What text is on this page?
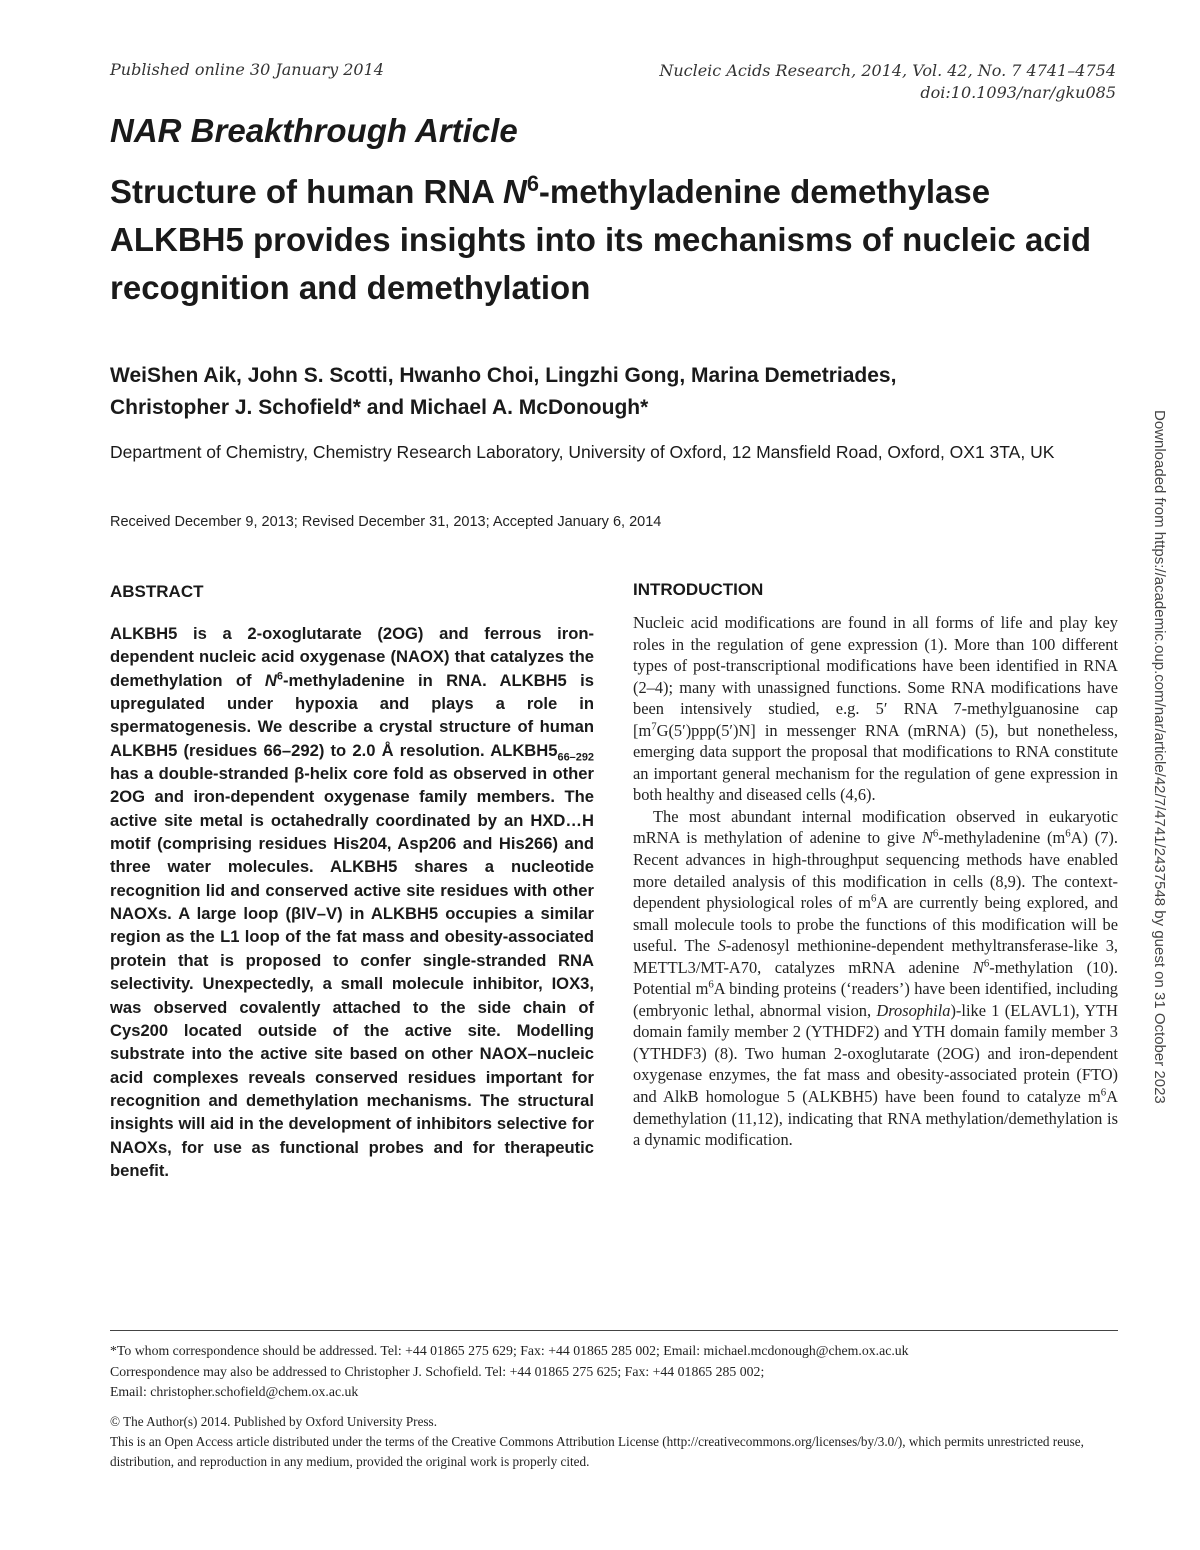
Published online 30 January 2014	Nucleic Acids Research, 2014, Vol. 42, No. 7 4741–4754
doi:10.1093/nar/gku085
NAR Breakthrough Article
Structure of human RNA $N^6$-methyladenine demethylase ALKBH5 provides insights into its mechanisms of nucleic acid recognition and demethylation
WeiShen Aik, John S. Scotti, Hwanho Choi, Lingzhi Gong, Marina Demetriades,
Christopher J. Schofield* and Michael A. McDonough*
Department of Chemistry, Chemistry Research Laboratory, University of Oxford, 12 Mansfield Road, Oxford, OX1 3TA, UK
Received December 9, 2013; Revised December 31, 2013; Accepted January 6, 2014
ABSTRACT
ALKBH5 is a 2-oxoglutarate (2OG) and ferrous iron-dependent nucleic acid oxygenase (NAOX) that catalyzes the demethylation of $N^6$-methyladenine in RNA. ALKBH5 is upregulated under hypoxia and plays a role in spermatogenesis. We describe a crystal structure of human ALKBH5 (residues 66–292) to 2.0 Å resolution. $ALKBH5_{66-292}$ has a double-stranded β-helix core fold as observed in other 2OG and iron-dependent oxygenase family members. The active site metal is octahedrally coordinated by an HXD…H motif (comprising residues His204, Asp206 and His266) and three water molecules. ALKBH5 shares a nucleotide recognition lid and conserved active site residues with other NAOXs. A large loop (βIV–V) in ALKBH5 occupies a similar region as the L1 loop of the fat mass and obesity-associated protein that is proposed to confer single-stranded RNA selectivity. Unexpectedly, a small molecule inhibitor, IOX3, was observed covalently attached to the side chain of Cys200 located outside of the active site. Modelling substrate into the active site based on other NAOX–nucleic acid complexes reveals conserved residues important for recognition and demethylation mechanisms. The structural insights will aid in the development of inhibitors selective for NAOXs, for use as functional probes and for therapeutic benefit.
INTRODUCTION

Nucleic acid modifications are found in all forms of life and play key roles in the regulation of gene expression (1). More than 100 different types of post-transcriptional modifications have been identified in RNA (2–4); many with unassigned functions. Some RNA modifications have been intensively studied, e.g. 5′ RNA 7-methylguanosine cap $[m^7G(5')ppp(5')N]$ in messenger RNA (mRNA) (5), but nonetheless, emerging data support the proposal that modifications to RNA constitute an important general mechanism for the regulation of gene expression in both healthy and diseased cells (4,6).

The most abundant internal modification observed in eukaryotic mRNA is methylation of adenine to give $N^6$-methyladenine $(m^6A)$ (7). Recent advances in high-throughput sequencing methods have enabled more detailed analysis of this modification in cells (8,9). The context-dependent physiological roles of $m^6A$ are currently being explored, and small molecule tools to probe the functions of this modification will be useful. The S-adenosyl methionine-dependent methyltransferase-like 3, METTL3/MT-A70, catalyzes mRNA adenine $N^6$-methylation (10). Potential $m^6A$ binding proteins (‘readers’) have been identified, including (embryonic lethal, abnormal vision, Drosophila)-like 1 (ELAVL1), YTH domain family member 2 (YTHDF2) and YTH domain family member 3 (YTHDF3) (8). Two human 2-oxoglutarate (2OG) and iron-dependent oxygenase enzymes, the fat mass and obesity-associated protein (FTO) and AlkB homologue 5 (ALKBH5) have been found to catalyze $m^6A$ demethylation (11,12), indicating that RNA methylation/demethylation is a dynamic modification.

*To whom correspondence should be addressed. Tel: +44 01865 275 629; Fax: +44 01865 285 002; Email: michael.mcdonough@chem.ox.ac.uk

Correspondence may also be addressed to Christopher J. Schofield. Tel: +44 01865 275 625; Fax: +44 01865 285 002;

Email: christopher.schofield@chem.ox.ac.uk

© The Author(s) 2014. Published by Oxford University Press.

This is an Open Access article distributed under the terms of the Creative Commons Attribution License (http://creativecommons.org/licenses/by/3.0/), which permits unrestricted reuse, distribution, and reproduction in any medium, provided the original work is properly cited.

Downloaded from https://academic.oup.com/nar/article/42/7/4741/2437548 by guest on 31 October 2023
